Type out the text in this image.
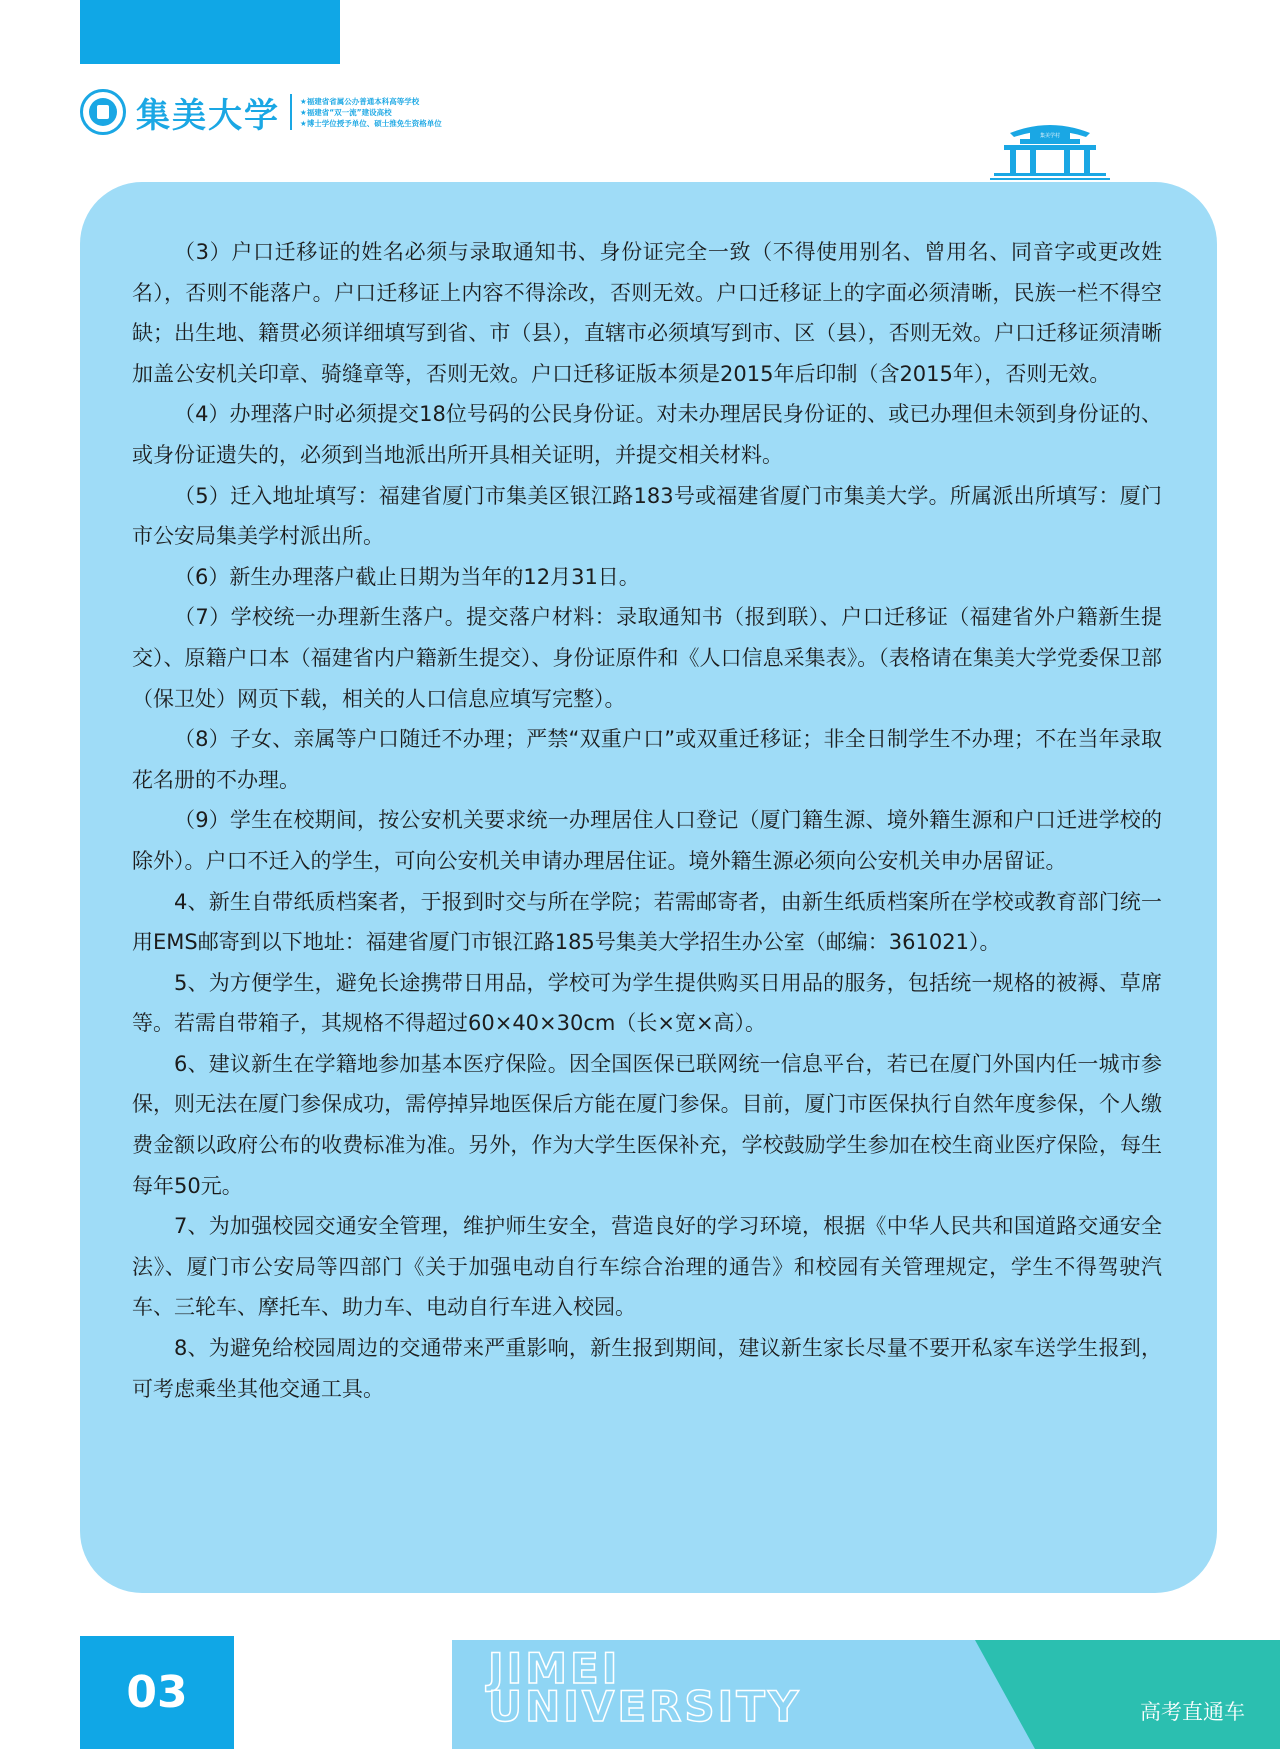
集美大学	★福建省省属公办普通本科高等学校
★福建省“双一流”建设高校
★博士学位授予单位、硕士推免生资格单位
集美学村

（3）户口迁移证的姓名必须与录取通知书、身份证完全一致（不得使用别名、曾用名、同音字或更改姓名），否则不能落户。户口迁移证上内容不得涂改，否则无效。户口迁移证上的字面必须清晰，民族一栏不得空缺；出生地、籍贯必须详细填写到省、市（县），直辖市必须填写到市、区（县），否则无效。户口迁移证须清晰加盖公安机关印章、骑缝章等，否则无效。户口迁移证版本须是2015年后印制（含2015年），否则无效。

（4）办理落户时必须提交18位号码的公民身份证。对未办理居民身份证的、或已办理但未领到身份证的、或身份证遗失的，必须到当地派出所开具相关证明，并提交相关材料。

（5）迁入地址填写：福建省厦门市集美区银江路183号或福建省厦门市集美大学。所属派出所填写：厦门市公安局集美学村派出所。

（6）新生办理落户截止日期为当年的12月31日。

（7）学校统一办理新生落户。提交落户材料：录取通知书（报到联）、户口迁移证（福建省外户籍新生提交）、原籍户口本（福建省内户籍新生提交）、身份证原件和《人口信息采集表》。（表格请在集美大学党委保卫部（保卫处）网页下载，相关的人口信息应填写完整）。

（8）子女、亲属等户口随迁不办理；严禁“双重户口”或双重迁移证；非全日制学生不办理；不在当年录取花名册的不办理。

（9）学生在校期间，按公安机关要求统一办理居住人口登记（厦门籍生源、境外籍生源和户口迁进学校的除外）。户口不迁入的学生，可向公安机关申请办理居住证。境外籍生源必须向公安机关申办居留证。

4、新生自带纸质档案者，于报到时交与所在学院；若需邮寄者，由新生纸质档案所在学校或教育部门统一用EMS邮寄到以下地址：福建省厦门市银江路185号集美大学招生办公室（邮编：361021）。

5、为方便学生，避免长途携带日用品，学校可为学生提供购买日用品的服务，包括统一规格的被褥、草席等。若需自带箱子，其规格不得超过60×40×30cm（长×宽×高）。

6、建议新生在学籍地参加基本医疗保险。因全国医保已联网统一信息平台，若已在厦门外国内任一城市参保，则无法在厦门参保成功，需停掉异地医保后方能在厦门参保。目前，厦门市医保执行自然年度参保，个人缴费金额以政府公布的收费标准为准。另外，作为大学生医保补充，学校鼓励学生参加在校生商业医疗保险，每生每年50元。

7、为加强校园交通安全管理，维护师生安全，营造良好的学习环境，根据《中华人民共和国道路交通安全法》、厦门市公安局等四部门《关于加强电动自行车综合治理的通告》和校园有关管理规定，学生不得驾驶汽车、三轮车、摩托车、助力车、电动自行车进入校园。

8、为避免给校园周边的交通带来严重影响，新生报到期间，建议新生家长尽量不要开私家车送学生报到，可考虑乘坐其他交通工具。

JIMEI
UNIVERSITY
03	高考直通车
